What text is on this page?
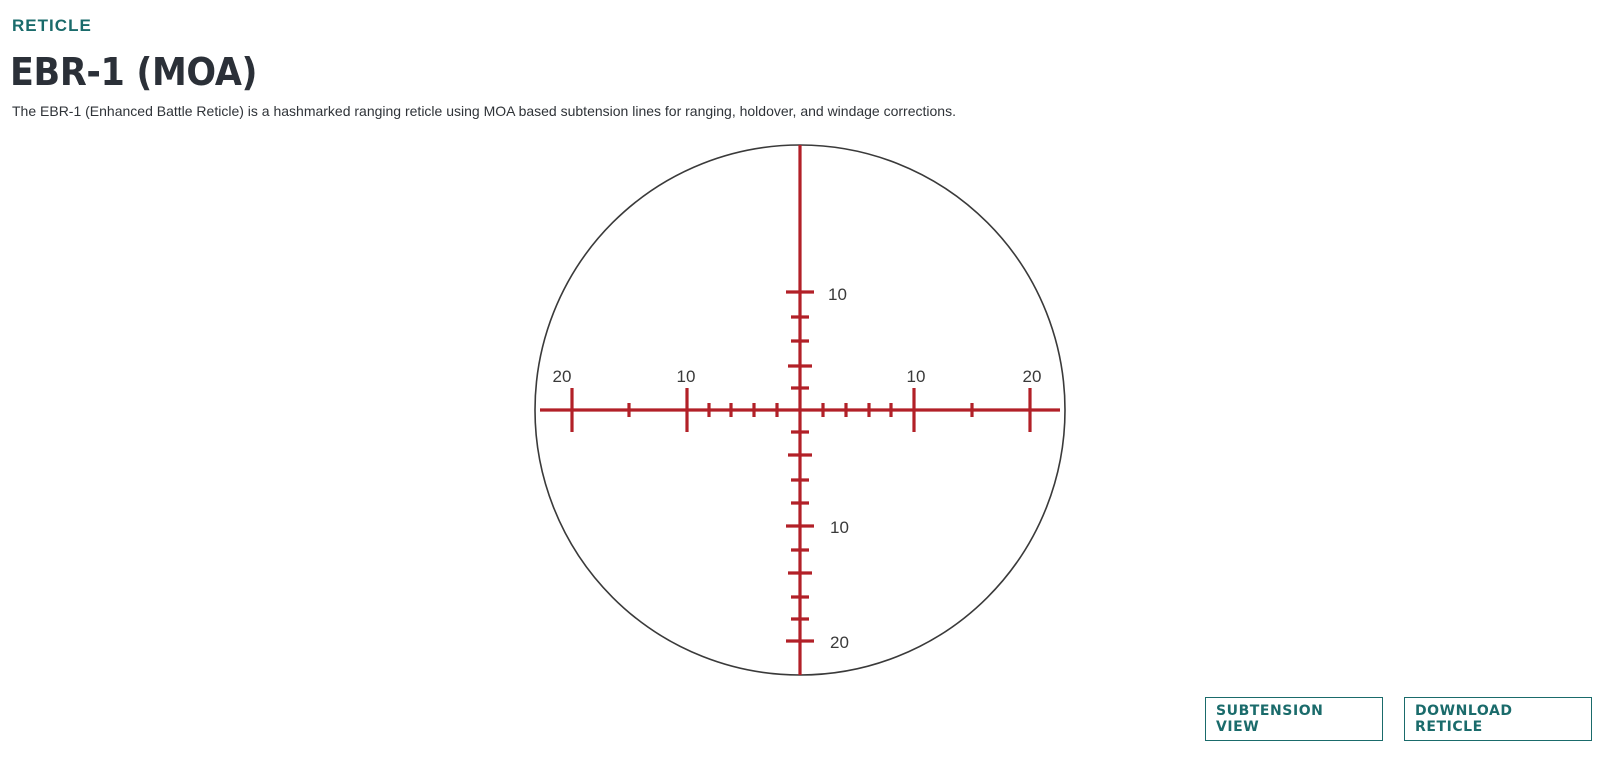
RETICLE
EBR-1 (MOA)
The EBR-1 (Enhanced Battle Reticle) is a hashmarked ranging reticle using MOA based subtension lines for ranging, holdover, and windage corrections.
10
20	10	10	20
10
20
SUBTENSION VIEW
DOWNLOAD RETICLE
